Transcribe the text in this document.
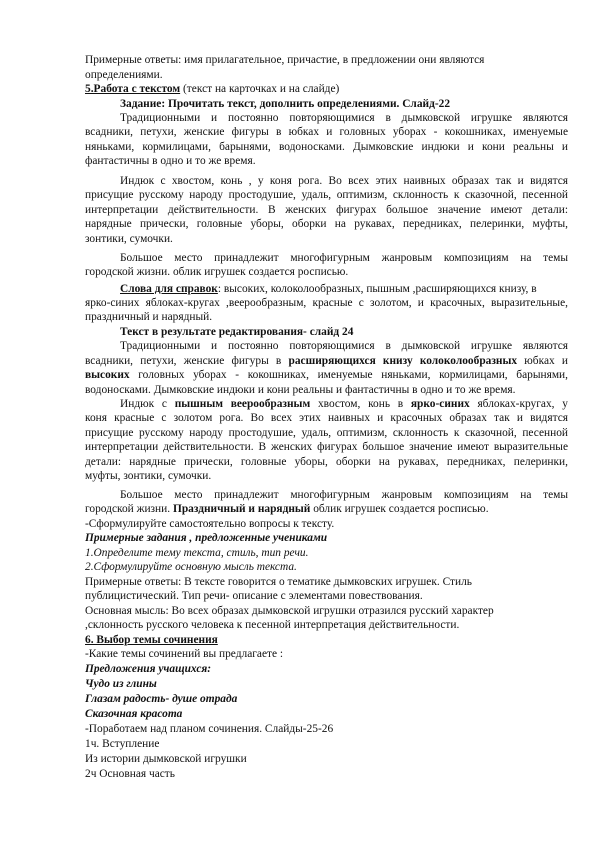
Примерные ответы: имя прилагательное, причастие, в предложении они являются

определениями.

5.Работа с текстом (текст на карточках и на слайде)

Задание: Прочитать текст, дополнить определениями. Слайд-22

Традиционными и постоянно повторяющимися в дымковской игрушке являются

всадники, петухи, женские фигуры в юбках и головных уборах - кокошниках, именуемые

няньками, кормилицами, барынями, водоносками. Дымковские индюки и кони реальны и

фантастичны в одно и то же время.

Индюк с хвостом, конь , у коня рога. Во всех этих наивных образах так и видятся

присущие русскому народу простодушие, удаль, оптимизм, склонность к сказочной, песенной

интерпретации действительности. В женских фигурах большое значение имеют детали:

нарядные прически, головные уборы, оборки на рукавах, передниках, пелеринки, муфты,

зонтики, сумочки.

Большое место принадлежит многофигурным жанровым композициям на темы

городской жизни. облик игрушек создается росписью.

Слова для справок: высоких, колоколообразных, пышным ,расширяющихся книзу, в

ярко-синих яблоках-кругах ,веерообразным, красные с золотом, и красочных, выразительные,

праздничный и нарядный.

Текст в результате редактирования- слайд 24

Традиционными и постоянно повторяющимися в дымковской игрушке являются

всадники, петухи, женские фигуры в расширяющихся книзу колоколообразных юбках и

высоких головных уборах - кокошниках, именуемые няньками, кормилицами, барынями,

водоносками. Дымковские индюки и кони реальны и фантастичны в одно и то же время.

Индюк с пышным веерообразным хвостом, конь в ярко-синих яблоках-кругах, у

коня красные с золотом рога. Во всех этих наивных и красочных образах так и видятся

присущие русскому народу простодушие, удаль, оптимизм, склонность к сказочной, песенной

интерпретации действительности. В женских фигурах большое значение имеют выразительные

детали: нарядные прически, головные уборы, оборки на рукавах, передниках, пелеринки,

муфты, зонтики, сумочки.

Большое место принадлежит многофигурным жанровым композициям на темы

городской жизни. Праздничный и нарядный облик игрушек создается росписью.

-Сформулируйте самостоятельно вопросы к тексту.

Примерные задания , предложенные учениками

1.Определите тему текста, стиль, тип речи.

2.Сформулируйте основную мысль текста.

Примерные ответы: В тексте говорится о тематике дымковских игрушек. Стиль

публицистический. Тип речи- описание с элементами повествования.

Основная мысль: Во всех образах дымковской игрушки отразился русский характер

,склонность русского человека к песенной интерпретация действительности.

6. Выбор темы сочинения

-Какие темы сочинений вы предлагаете :

Предложения учащихся:

Чудо из глины

Глазам радость- душе отрада

Сказочная красота

-Поработаем над планом сочинения. Слайды-25-26

1ч. Вступление

Из истории дымковской игрушки

2ч Основная часть
